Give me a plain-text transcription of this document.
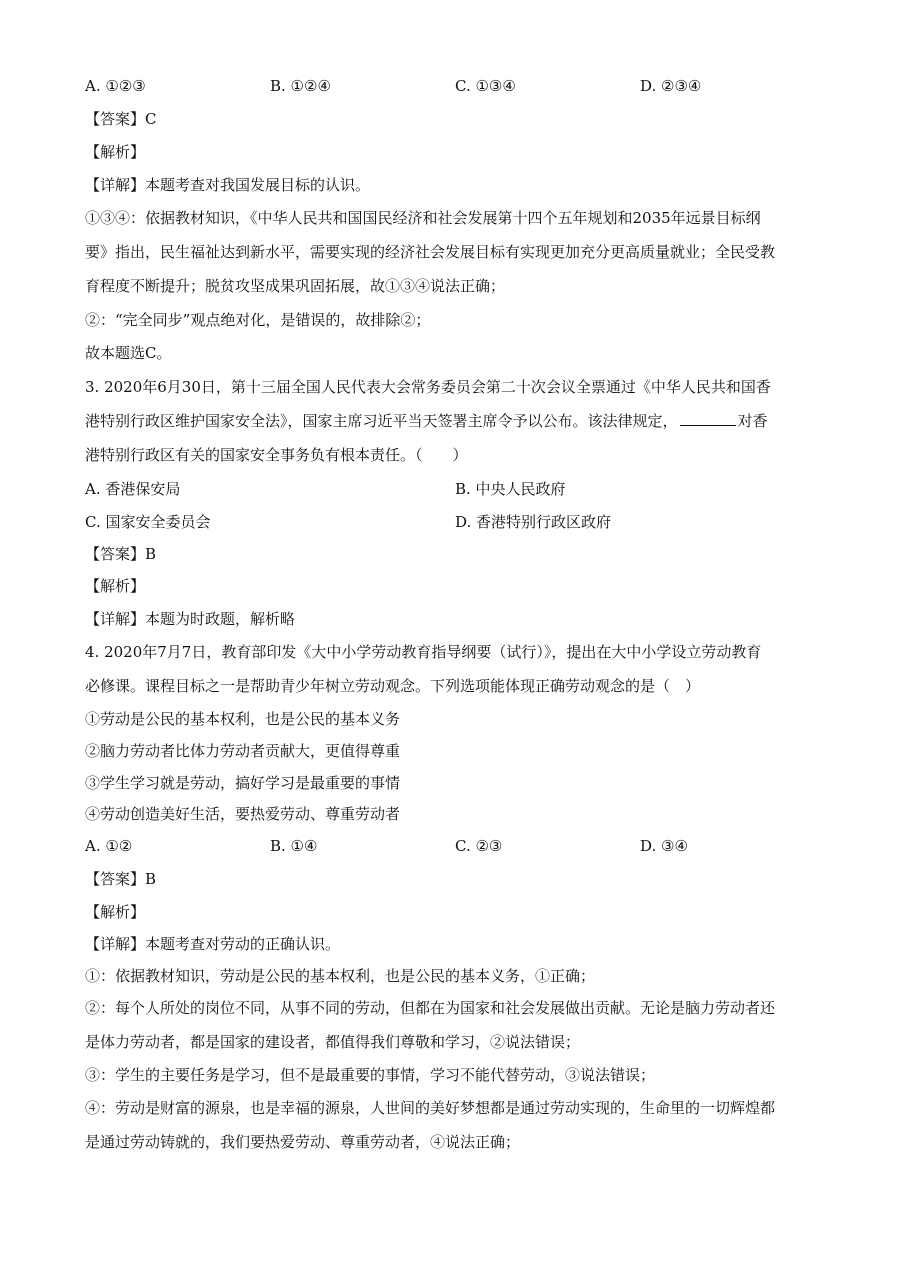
A. ①②③	B. ①②④	C. ①③④	D. ②③④
【答案】C
【解析】
【详解】本题考查对我国发展目标的认识。
①③④：依据教材知识，《中华人民共和国国民经济和社会发展第十四个五年规划和2035年远景目标纲
要》指出，民生福祉达到新水平，需要实现的经济社会发展目标有实现更加充分更高质量就业；全民受教
育程度不断提升；脱贫攻坚成果巩固拓展，故①③④说法正确；
②：“完全同步”观点绝对化，是错误的，故排除②；
故本题选C。
3. 2020年6月30日，第十三届全国人民代表大会常务委员会第二十次会议全票通过《中华人民共和国香
港特别行政区维护国家安全法》，国家主席习近平当天签署主席令予以公布。该法律规定，	对香
港特别行政区有关的国家安全事务负有根本责任。（　　）
A. 香港保安局	B. 中央人民政府
C. 国家安全委员会	D. 香港特别行政区政府
【答案】B
【解析】
【详解】本题为时政题，解析略
4. 2020年7月7日，教育部印发《大中小学劳动教育指导纲要（试行）》，提出在大中小学设立劳动教育
必修课。课程目标之一是帮助青少年树立劳动观念。下列选项能体现正确劳动观念的是（　）
①劳动是公民的基本权利，也是公民的基本义务
②脑力劳动者比体力劳动者贡献大，更值得尊重
③学生学习就是劳动，搞好学习是最重要的事情
④劳动创造美好生活，要热爱劳动、尊重劳动者
A. ①②	B. ①④	C. ②③	D. ③④
【答案】B
【解析】
【详解】本题考查对劳动的正确认识。
①：依据教材知识，劳动是公民的基本权利，也是公民的基本义务，①正确；
②：每个人所处的岗位不同，从事不同的劳动，但都在为国家和社会发展做出贡献。无论是脑力劳动者还
是体力劳动者，都是国家的建设者，都值得我们尊敬和学习，②说法错误；
③：学生的主要任务是学习，但不是最重要的事情，学习不能代替劳动，③说法错误；
④：劳动是财富的源泉，也是幸福的源泉，人世间的美好梦想都是通过劳动实现的，生命里的一切辉煌都
是通过劳动铸就的，我们要热爱劳动、尊重劳动者，④说法正确；
